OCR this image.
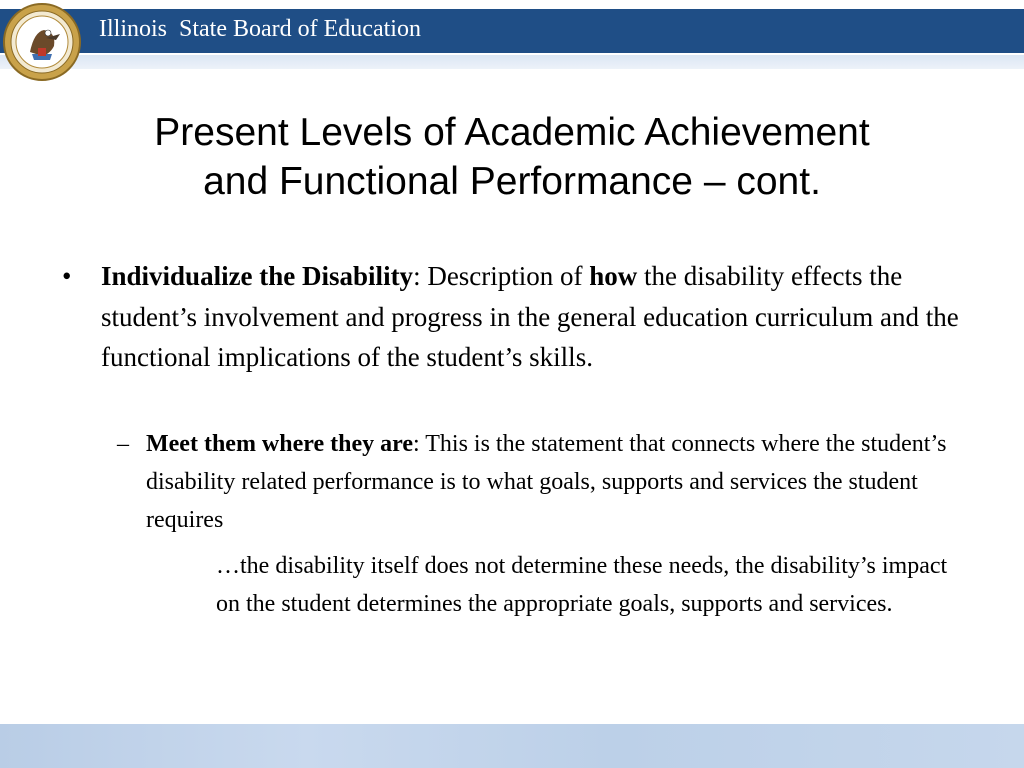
Illinois  State Board of Education
Present Levels of Academic Achievement
and Functional Performance – cont.
• Individualize the Disability: Description of how the disability effects the student’s involvement and progress in the general education curriculum and the functional implications of the student’s skills.
– Meet them where they are: This is the statement that connects where the student’s disability related performance is to what goals, supports and services the student requires
…the disability itself does not determine these needs, the disability’s impact on the student determines the appropriate goals, supports and services.
